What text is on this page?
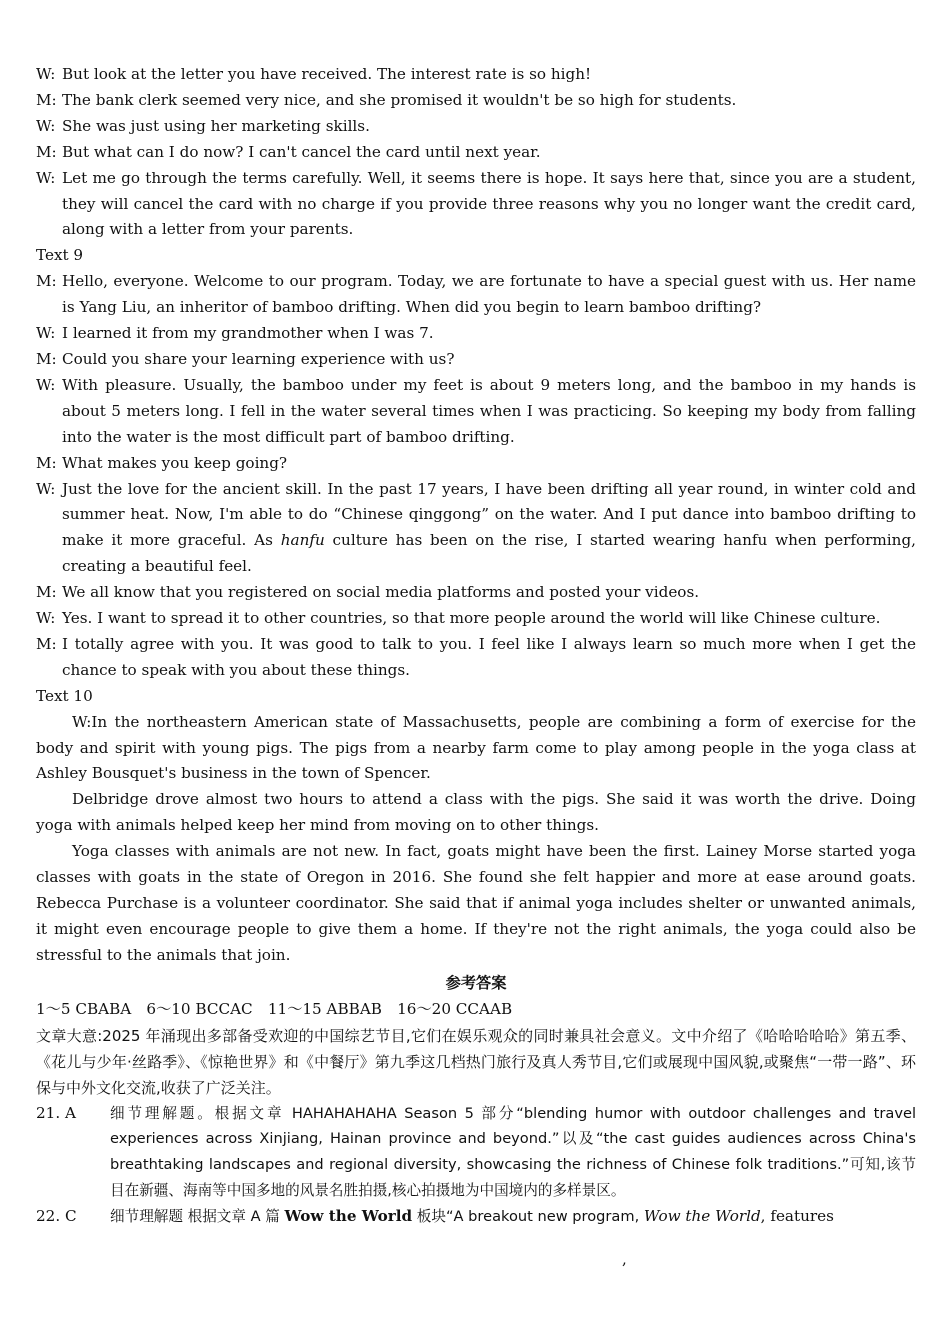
W: But look at the letter you have received. The interest rate is so high!
M: The bank clerk seemed very nice, and she promised it wouldn't be so high for students.
W: She was just using her marketing skills.
M: But what can I do now? I can't cancel the card until next year.
W: Let me go through the terms carefully. Well, it seems there is hope. It says here that, since you are a student, they will cancel the card with no charge if you provide three reasons why you no longer want the credit card, along with a letter from your parents.
Text 9
M: Hello, everyone. Welcome to our program. Today, we are fortunate to have a special guest with us. Her name is Yang Liu, an inheritor of bamboo drifting. When did you begin to learn bamboo drifting?
W: I learned it from my grandmother when I was 7.
M: Could you share your learning experience with us?
W: With pleasure. Usually, the bamboo under my feet is about 9 meters long, and the bamboo in my hands is about 5 meters long. I fell in the water several times when I was practicing. So keeping my body from falling into the water is the most difficult part of bamboo drifting.
M: What makes you keep going?
W: Just the love for the ancient skill. In the past 17 years, I have been drifting all year round, in winter cold and summer heat. Now, I'm able to do “Chinese qinggong” on the water. And I put dance into bamboo drifting to make it more graceful. As hanfu culture has been on the rise, I started wearing hanfu when performing, creating a beautiful feel.
M: We all know that you registered on social media platforms and posted your videos.
W: Yes. I want to spread it to other countries, so that more people around the world will like Chinese culture.
M: I totally agree with you. It was good to talk to you. I feel like I always learn so much more when I get the chance to speak with you about these things.
Text 10
W:In the northeastern American state of Massachusetts, people are combining a form of exercise for the body and spirit with young pigs. The pigs from a nearby farm come to play among people in the yoga class at Ashley Bousquet's business in the town of Spencer.
Delbridge drove almost two hours to attend a class with the pigs. She said it was worth the drive. Doing yoga with animals helped keep her mind from moving on to other things.
Yoga classes with animals are not new. In fact, goats might have been the first. Lainey Morse started yoga classes with goats in the state of Oregon in 2016. She found she felt happier and more at ease around goats. Rebecca Purchase is a volunteer coordinator. She said that if animal yoga includes shelter or unwanted animals, it might even encourage people to give them a home. If they're not the right animals, the yoga could also be stressful to the animals that join.
参考答案
1～5 CBABA　6～10 BCCAC　11～15 ABBAB　16～20 CCAAB
文章大意:2025 年涌现出多部备受欢迎的中国综艺节目,它们在娱乐观众的同时兼具社会意义。文中介绍了《哈哈哈哈哈》第五季、《花儿与少年·丝路季》、《惊艳世界》和《中餐厅》第九季这几档热门旅行及真人秀节目,它们或展现中国风貌,或聚焦“一带一路”、环保与中外文化交流,收获了广泛关注。
21. A	细节理解题。根据文章 HAHAHAHAHA Season 5 部分“blending humor with outdoor challenges and travel experiences across Xinjiang, Hainan province and beyond.”以及“the cast guides audiences across China's breathtaking landscapes and regional diversity, showcasing the richness of Chinese folk traditions.”可知,该节目在新疆、海南等中国多地的风景名胜拍摄,核心拍摄地为中国境内的多样景区。
22. C	细节理解题 根据文章 A 篇 Wow the World 板块“A breakout new program, Wow the World, features
,
